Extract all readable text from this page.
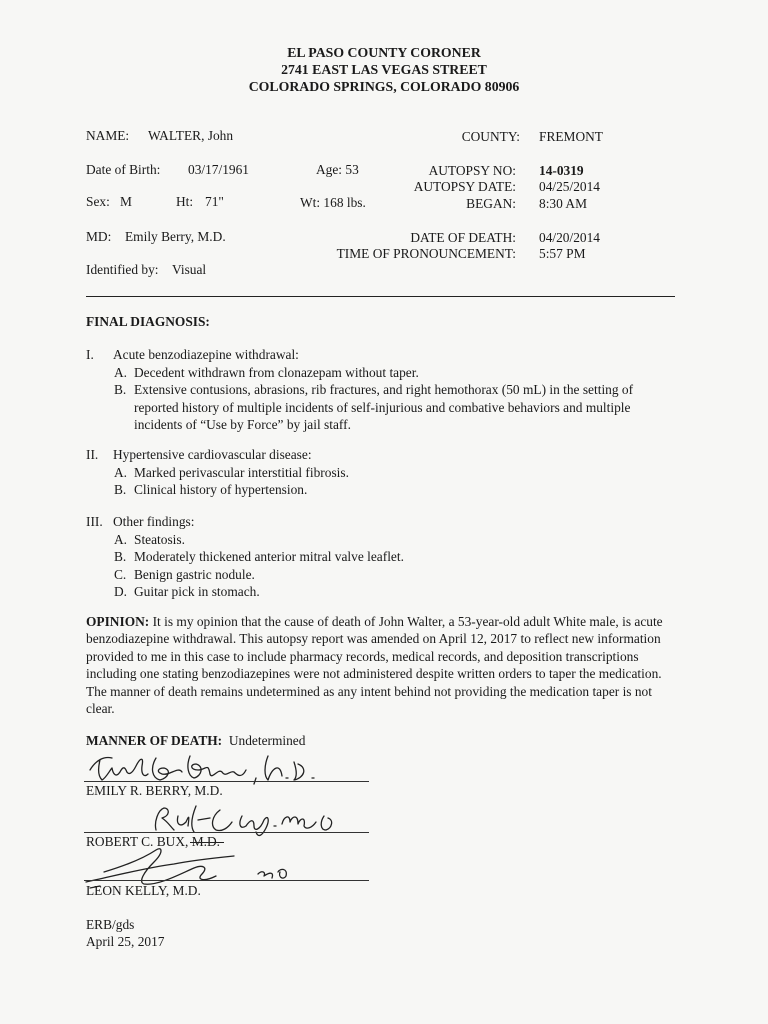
EL PASO COUNTY CORONER
2741 EAST LAS VEGAS STREET
COLORADO SPRINGS, COLORADO 80906
NAME: WALTER, John	COUNTY: FREMONT
Date of Birth: 03/17/1961	Age: 53	AUTOPSY NO: 14-0319
AUTOPSY DATE: 04/25/2014
Sex: M	Ht: 71"	Wt: 168 lbs.	BEGAN: 8:30 AM
MD: Emily Berry, M.D.	DATE OF DEATH: 04/20/2014
TIME OF PRONOUNCEMENT: 5:57 PM
Identified by: Visual
FINAL DIAGNOSIS:
I. Acute benzodiazepine withdrawal:
A. Decedent withdrawn from clonazepam without taper.
B. Extensive contusions, abrasions, rib fractures, and right hemothorax (50 mL) in the setting of reported history of multiple incidents of self-injurious and combative behaviors and multiple incidents of “Use by Force” by jail staff.
II. Hypertensive cardiovascular disease:
A. Marked perivascular interstitial fibrosis.
B. Clinical history of hypertension.
III. Other findings:
A. Steatosis.
B. Moderately thickened anterior mitral valve leaflet.
C. Benign gastric nodule.
D. Guitar pick in stomach.
OPINION: It is my opinion that the cause of death of John Walter, a 53-year-old adult White male, is acute benzodiazepine withdrawal. This autopsy report was amended on April 12, 2017 to reflect new information provided to me in this case to include pharmacy records, medical records, and deposition transcriptions including one stating benzodiazepines were not administered despite written orders to taper the medication. The manner of death remains undetermined as any intent behind not providing the medication taper is not clear.
MANNER OF DEATH: Undetermined
EMILY R. BERRY, M.D.
ROBERT C. BUX, M.D.
LEON KELLY, M.D.
ERB/gds
April 25, 2017
